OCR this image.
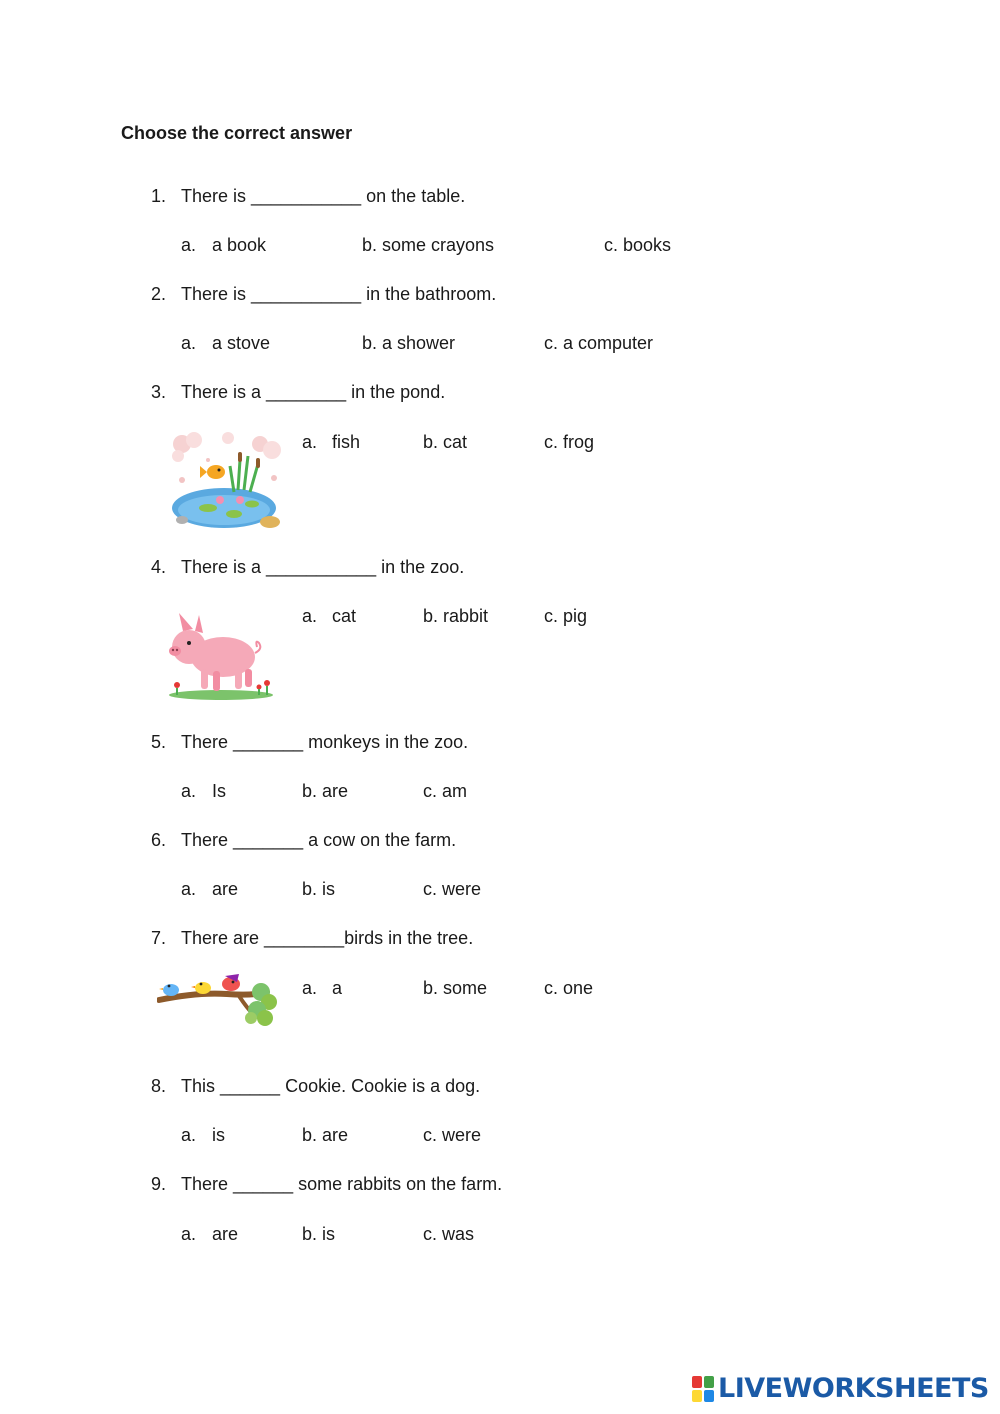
Choose the correct answer
1. There is ___________ on the table.
a. a book	b. some crayons	c. books
2. There is ___________ in the bathroom.
a. a stove	b. a shower	c. a computer
3. There is a ________ in the pond.
a. fish	b. cat	c. frog
4. There is a ___________ in the zoo.
a. cat	b. rabbit	c. pig
5. There _______ monkeys in the zoo.
a. Is	b. are	c. am
6. There _______ a cow on the farm.
a. are	b. is	c. were
7. There are ________birds in the tree.
a. a	b. some	c. one
8. This ______ Cookie. Cookie is a dog.
a. is	b. are	c. were
9. There ______ some rabbits on the farm.
a. are	b. is	c. was
LIVEWORKSHEETS
